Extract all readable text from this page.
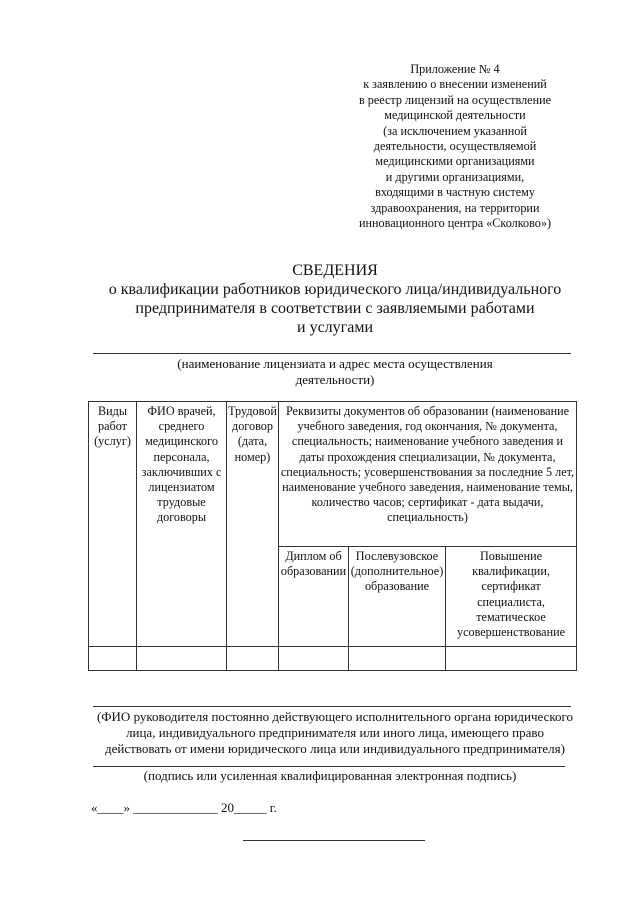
Приложение № 4
к заявлению о внесении изменений
в реестр лицензий на осуществление
медицинской деятельности
(за исключением указанной
деятельности, осуществляемой
медицинскими организациями
и другими организациями,
входящими в частную систему
здравоохранения, на территории
инновационного центра «Сколково»)
СВЕДЕНИЯ
о квалификации работников юридического лица/индивидуального
предпринимателя в соответствии с заявляемыми работами
и услугами
(наименование лицензиата и адрес места осуществления
деятельности)
Виды работ (услуг)	ФИО врачей, среднего медицинского персонала, заключивших с лицензиатом трудовые договоры	Трудовой договор (дата, номер)	Реквизиты документов об образовании (наименование учебного заведения, год окончания, № документа, специальность; наименование учебного заведения и даты прохождения специализации, № документа, специальность; усовершенствования за последние 5 лет, наименование учебного заведения, наименование темы, количество часов; сертификат - дата выдачи, специальность)		
			Диплом об образовании	Послевузовское (дополнительное) образование	Повышение квалификации, сертификат специалиста, тематическое усовершенствование

(ФИО руководителя постоянно действующего исполнительного органа юридического
лица, индивидуального предпринимателя или иного лица, имеющего право
действовать от имени юридического лица или индивидуального предпринимателя)
(подпись или усиленная квалифицированная электронная подпись)
«____» _____________ 20_____ г.
